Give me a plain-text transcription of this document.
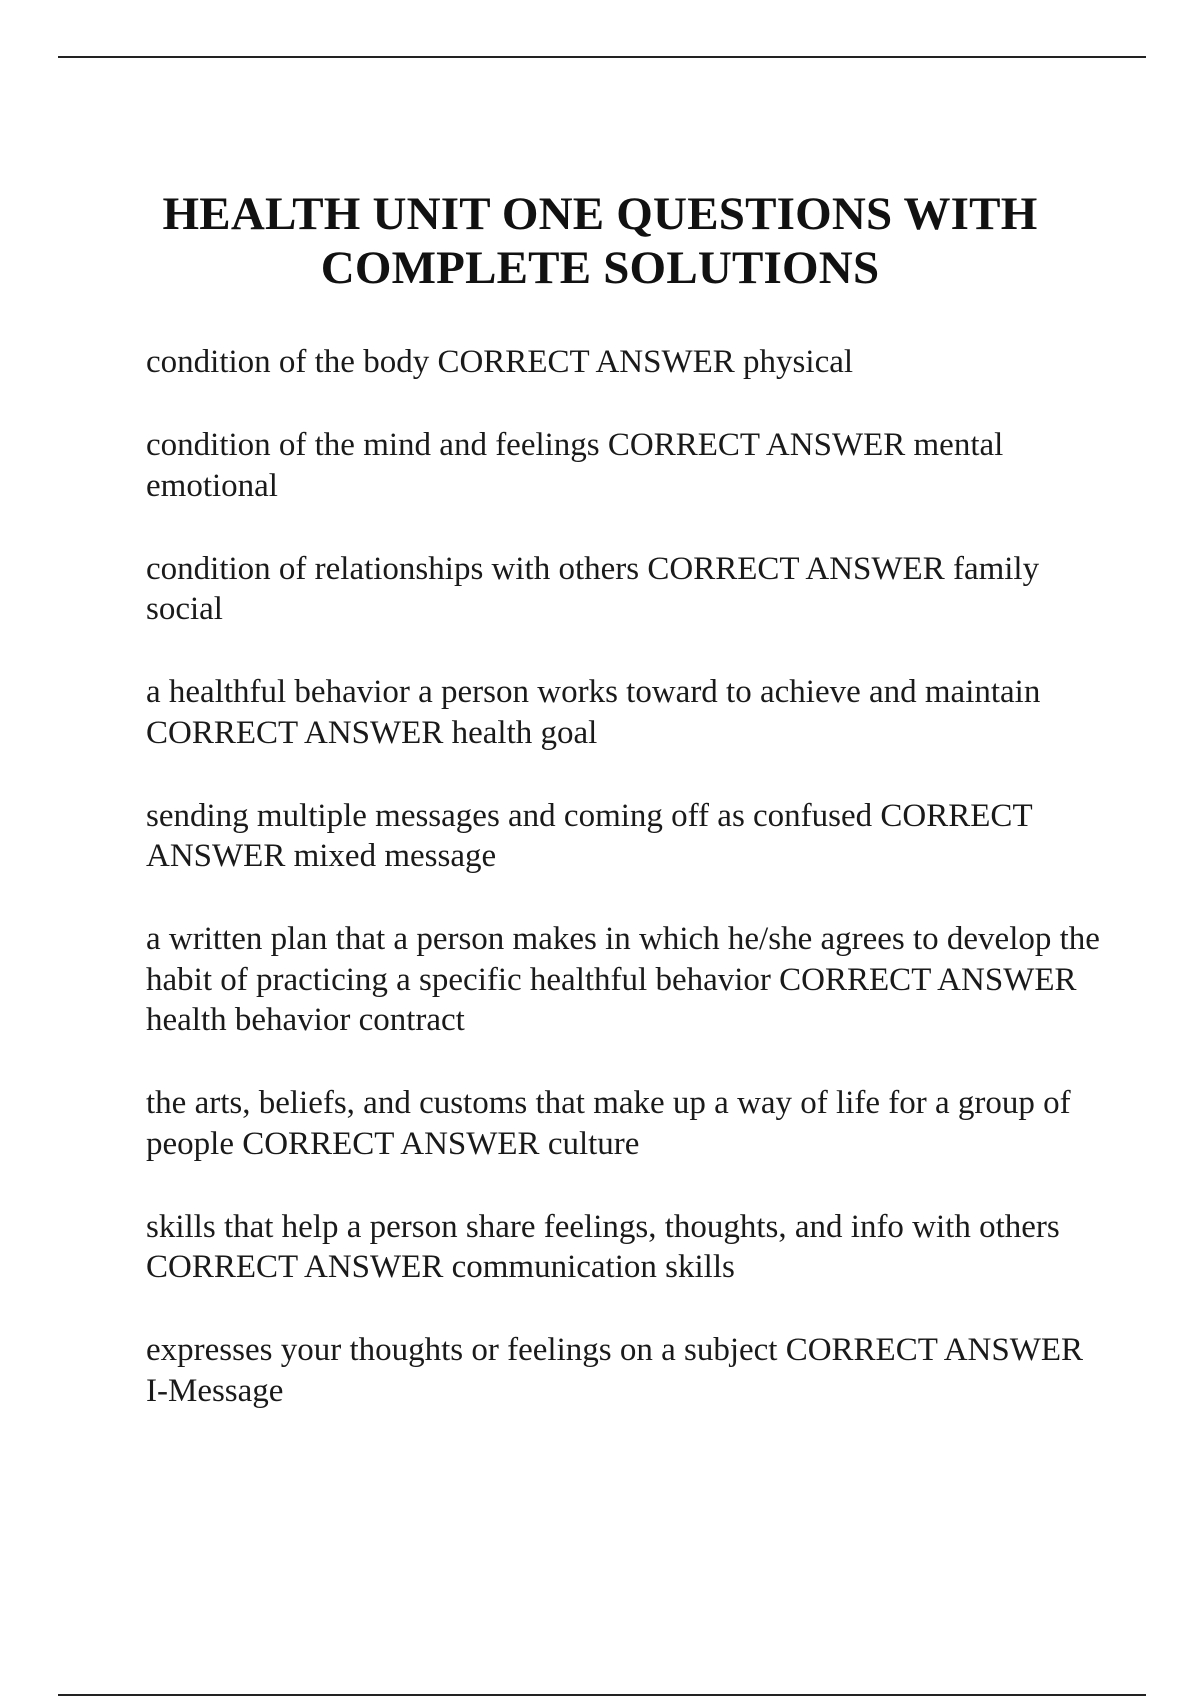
HEALTH UNIT ONE QUESTIONS WITH
COMPLETE SOLUTIONS
condition of the body CORRECT ANSWER physical
condition of the mind and feelings CORRECT ANSWER mental emotional
condition of relationships with others CORRECT ANSWER family social
a healthful behavior a person works toward to achieve and maintain CORRECT ANSWER health goal
sending multiple messages and coming off as confused CORRECT ANSWER mixed message
a written plan that a person makes in which he/she agrees to develop the habit of practicing a specific healthful behavior CORRECT ANSWER health behavior contract
the arts, beliefs, and customs that make up a way of life for a group of people CORRECT ANSWER culture
skills that help a person share feelings, thoughts, and info with others CORRECT ANSWER communication skills
expresses your thoughts or feelings on a subject CORRECT ANSWER I-Message
